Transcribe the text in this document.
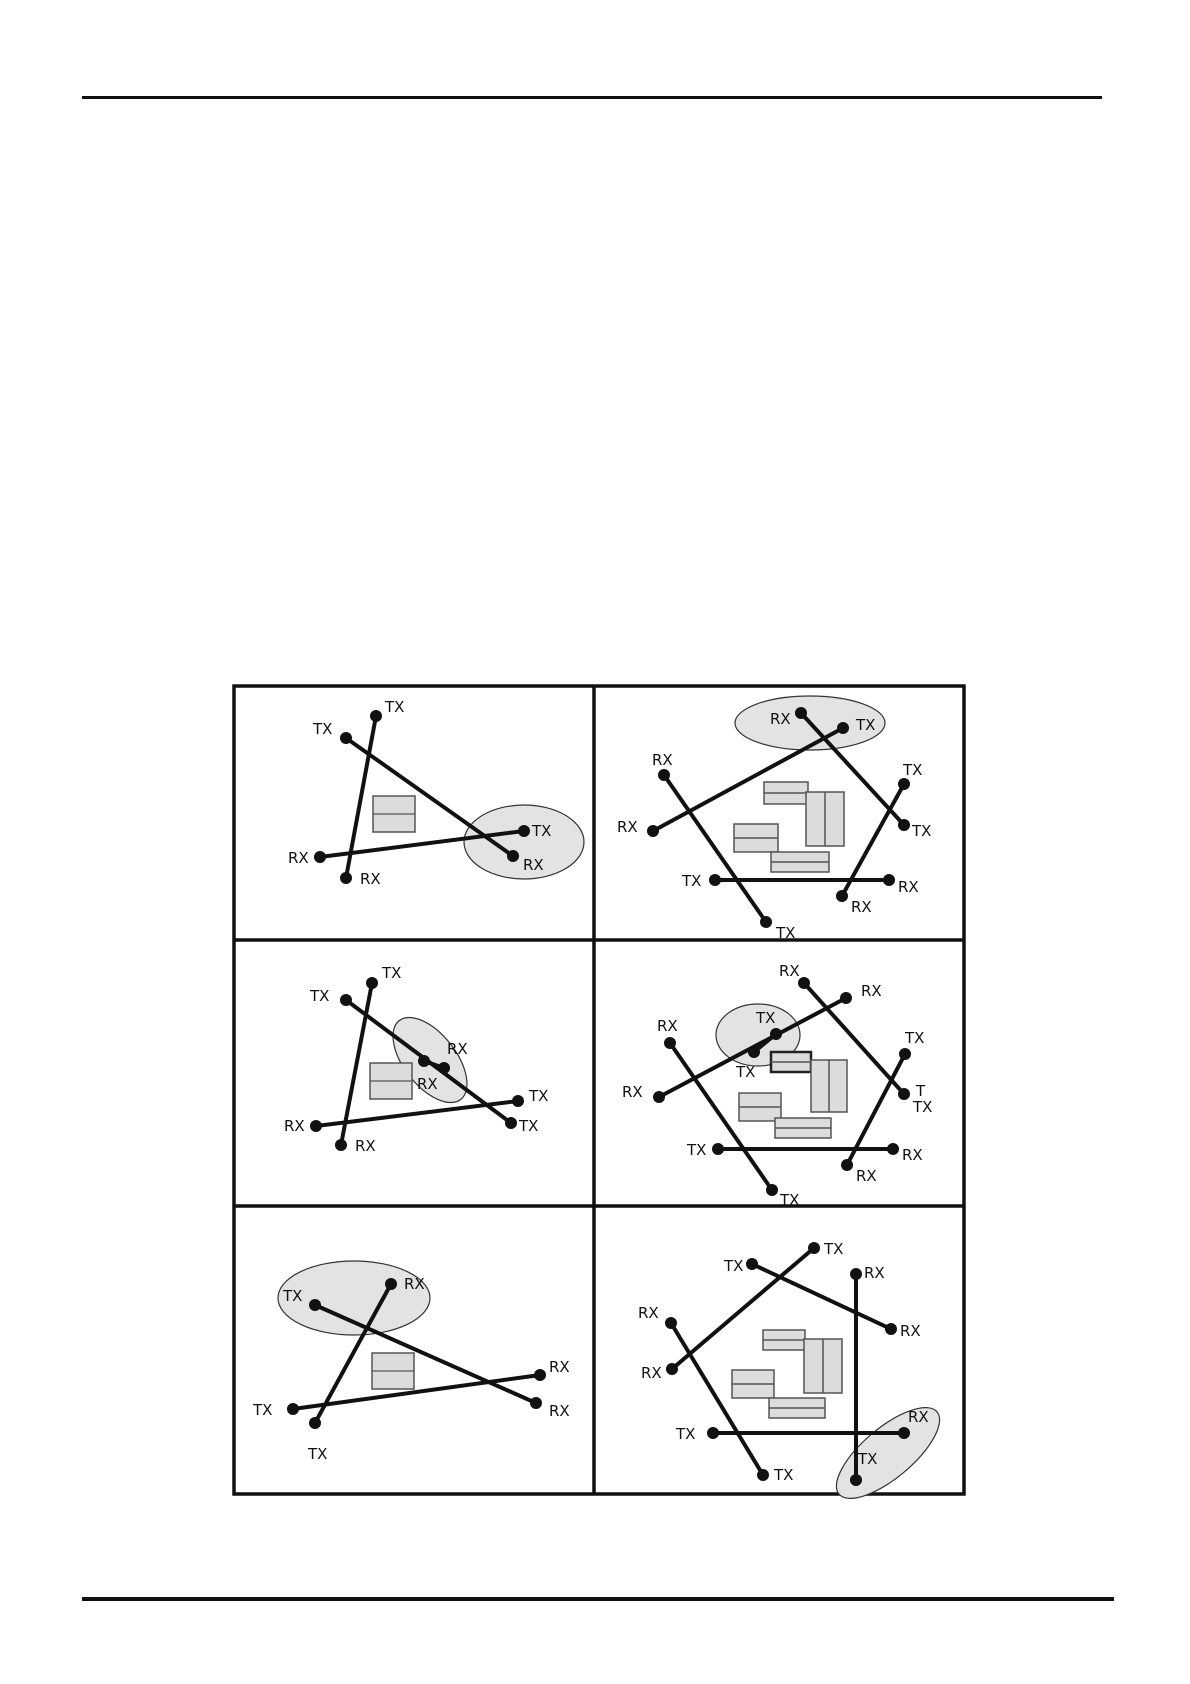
TX
TX
TX
RX
RX
RX
RX	TX
RX
RX
TX
TX
TX	RX
RX
TX
TX
TX
RX
RX
TX
TX
RX
RX
RX
RX
RX	TX
TX
TX
RX
TX	RX
RX
TX
T
TX
TX
RX
RX
RX
TX
TX
TX
TX	RX
RX
RX
RX
TX
RX
TX
TX
